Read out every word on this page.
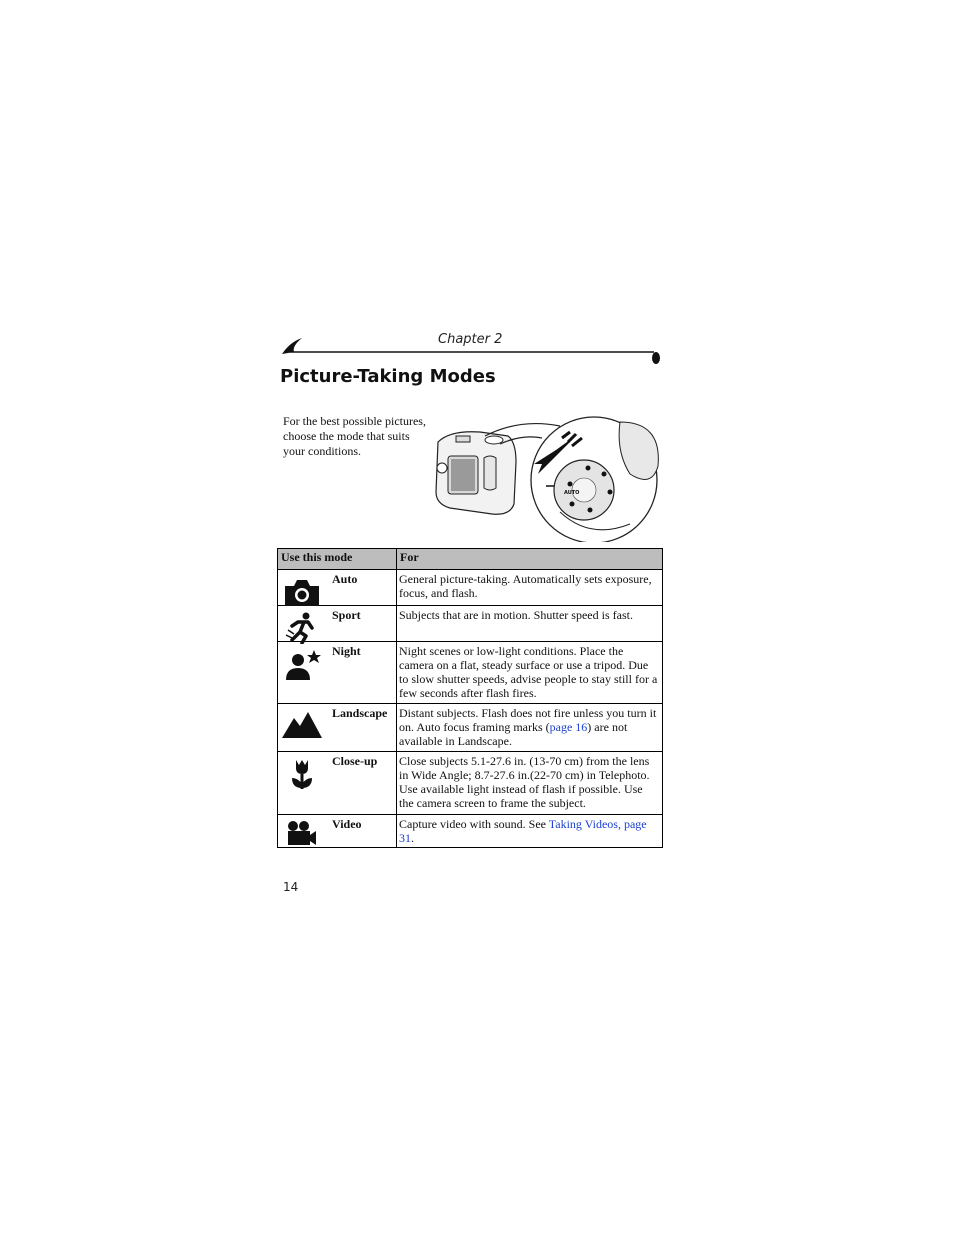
Chapter 2
Picture-Taking Modes
For the best possible pictures, choose the mode that suits your conditions.
AUTO
Use this mode	For

Auto	General picture-taking. Automatically sets exposure, focus, and flash.

Sport	Subjects that are in motion. Shutter speed is fast.

Night	Night scenes or low-light conditions. Place the camera on a flat, steady surface or use a tripod. Due to slow shutter speeds, advise people to stay still for a few seconds after flash fires.

Landscape	Distant subjects. Flash does not fire unless you turn it on. Auto focus framing marks (page 16) are not available in Landscape.

Close-up	Close subjects 5.1-27.6 in. (13-70 cm) from the lens in Wide Angle; 8.7-27.6 in.(22-70 cm) in Telephoto. Use available light instead of flash if possible. Use the camera screen to frame the subject.

Video	Capture video with sound. See Taking Videos, page 31.
14
